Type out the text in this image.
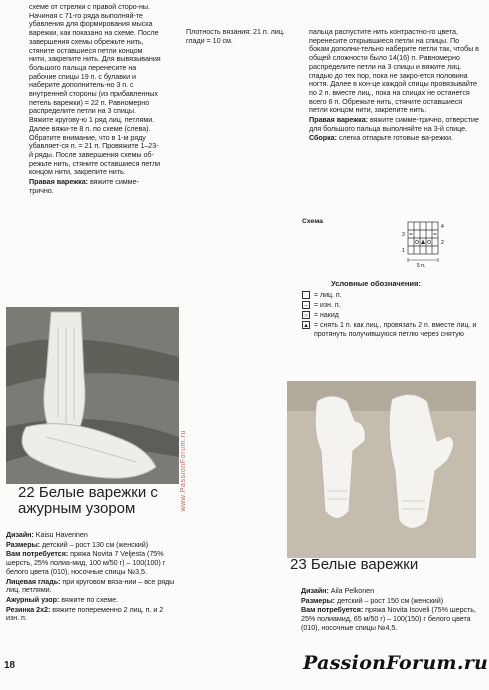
схеме от стрелки с правой сторо-ны. Начиная с 71-го ряда выполняй-те убавления для формирования мыска варежки, как показано на схеме. После завершения схемы обрежьте нить, стяните оставшиеся петли концом нити, закрепите нить. Для вывязывания большого пальца перенесите на рабочие спицы 19 п. с булавки и наберите дополнитель-но 3 п. с внутренней стороны (из прибавленных петель варежки) = 22 п. Равномерно распределите петли на 3 спицы. Вяжите кругову-ю 1 ряд лиц. петлями. Далее вяжи-те 8 п. по схеме (слева). Обратите внимание, что в 1-м ряду убавляет-ся п. = 21 п. Провяжите 1–23-й ряды. После завершения схемы об-режьте нить, стяните оставшиеся петли концом нити, закрепите нить.

Правая варежка: вяжите симме-трично.

www.PassionForum.ru
22 Белые варежки с ажурным узором

Дизайн: Kaisu Haverinen

Размеры: детский – рост 130 см (женский)

Вам потребуется: пряжа Novita 7 Veljesta (75% шерсть, 25% полиа-мид, 100 м/50 г) – 100(100) г белого цвета (010), носочные спицы №3,5.

Лицевая гладь: при круговом вяза-нии – все ряды лиц. петлями.

Ажурный узор: вяжите по схеме.

Резинка 2х2: вяжите попеременно 2 лиц. п. и 2 изн. п.

Плотность вязания: 21 п. лиц. глади = 10 см.

пальца распустите нить контрастно-го цвета, перенесите открывшиеся петли на спицы. По бокам дополни-тельно наберите петли так, чтобы в общей сложности было 14(16) п. Равномерно распределите петли на 3 спицы и вяжите лиц. гладью до тех пор, пока не закро-ется половина ногтя. Далее в кон-це каждой спицы провязывайте по 2 п. вместе лиц., пока на спицах не останется всего 6 п. Обрежьте нить, стяните оставшиеся петли концом нити, закрепите нить.

Правая варежка: вяжите симме-трично, отверстие для большого пальца выполняйте на 3-й спице.

Сборка: слегка отпарьте готовые ва-режки.

Схема
4
3
2
1
5 п.
Условные обозначения:
= лиц. п.
– = изн. п.
○ = накид
▲ = снять 1 п. как лиц., провязать 2 п. вместе лиц. и протянуть получившуюся петлю через снятую
23 Белые варежки

Дизайн: Aila Pelkonen

Размеры: детский – рост 150 см (женский)

Вам потребуется: пряжа Novita Isoveli (75% шерсть, 25% полиамид, 65 м/50 г) – 100(150) г белого цвета (010), носочные спицы №4,5.

18	PassionForum.ru
